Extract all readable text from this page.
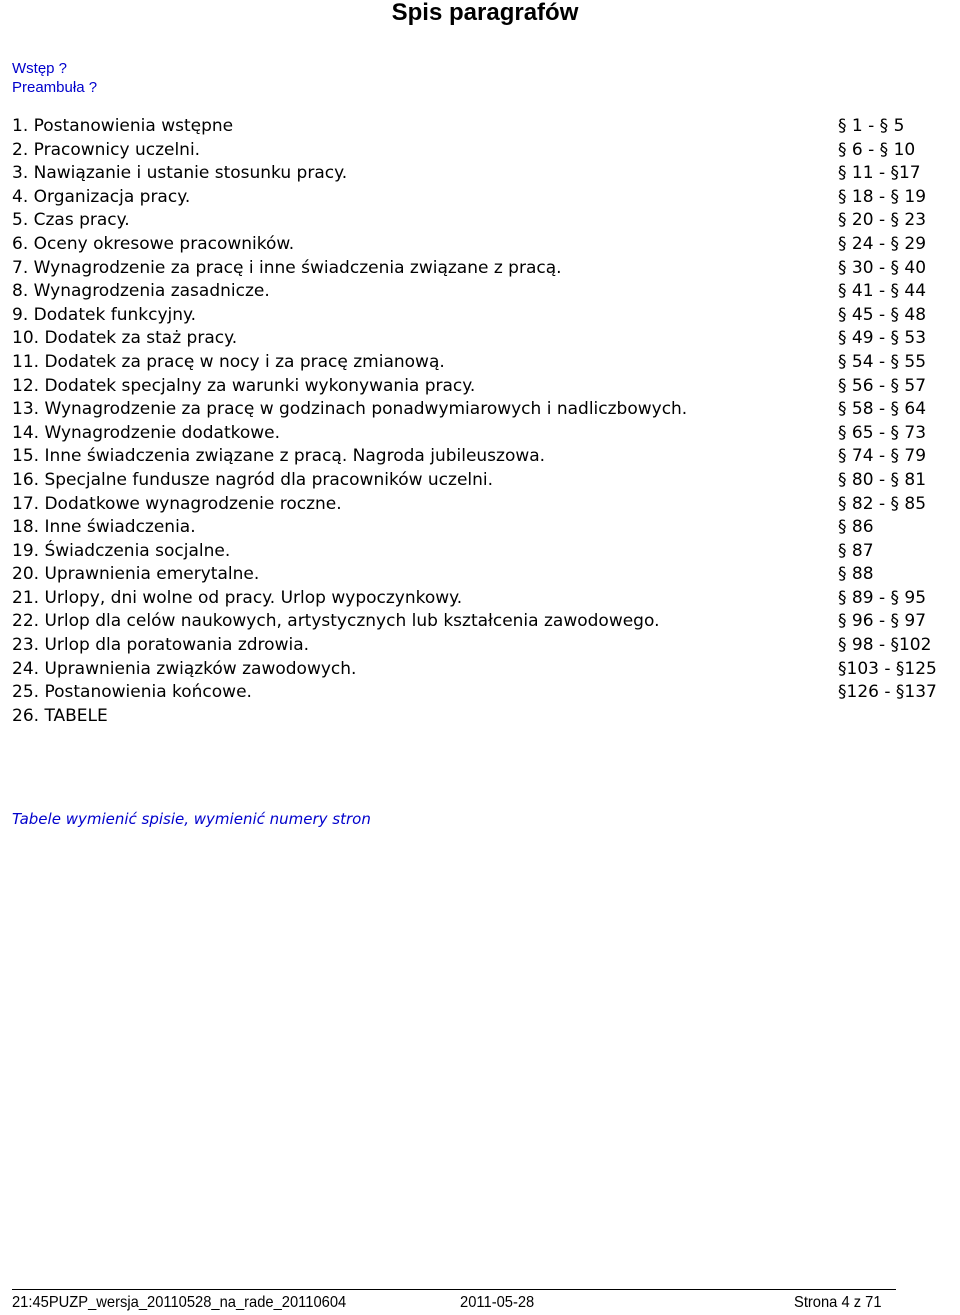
Spis paragrafów
Wstęp ?
Preambuła ?
1. Postanowienia wstępne	§ 1 - § 5
2. Pracownicy uczelni.	§ 6 - § 10
3. Nawiązanie i ustanie stosunku pracy.	§ 11 - §17
4. Organizacja pracy.	§ 18 - § 19
5. Czas pracy.	§ 20 - § 23
6. Oceny okresowe pracowników.	§ 24 - § 29
7. Wynagrodzenie za pracę i inne świadczenia związane z pracą.	§ 30 - § 40
8. Wynagrodzenia zasadnicze.	§ 41 - § 44
9. Dodatek funkcyjny.	§ 45 - § 48
10. Dodatek za staż pracy.	§ 49 - § 53
11. Dodatek za pracę w nocy i za pracę zmianową.	§ 54 - § 55
12. Dodatek specjalny za warunki wykonywania pracy.	§ 56 - § 57
13. Wynagrodzenie za pracę w godzinach ponadwymiarowych i nadliczbowych.	§ 58 - § 64
14. Wynagrodzenie dodatkowe.	§ 65 - § 73
15. Inne świadczenia związane z pracą. Nagroda jubileuszowa.	§ 74 - § 79
16. Specjalne fundusze nagród dla pracowników uczelni.	§ 80 - § 81
17. Dodatkowe wynagrodzenie roczne.	§ 82 - § 85
18. Inne świadczenia.	§ 86
19. Świadczenia socjalne.	§ 87
20. Uprawnienia emerytalne.	§ 88
21. Urlopy, dni wolne od pracy. Urlop wypoczynkowy.	§ 89 - § 95
22. Urlop dla celów naukowych, artystycznych lub kształcenia zawodowego.	§ 96 - § 97
23. Urlop dla poratowania zdrowia.	§ 98 - §102
24. Uprawnienia związków zawodowych.	§103 - §125
25. Postanowienia końcowe.	§126 - §137
26. TABELE
Tabele wymienić spisie, wymienić numery stron
21:45PUZP_wersja_20110528_na_rade_20110604	2011-05-28	Strona 4 z 71
